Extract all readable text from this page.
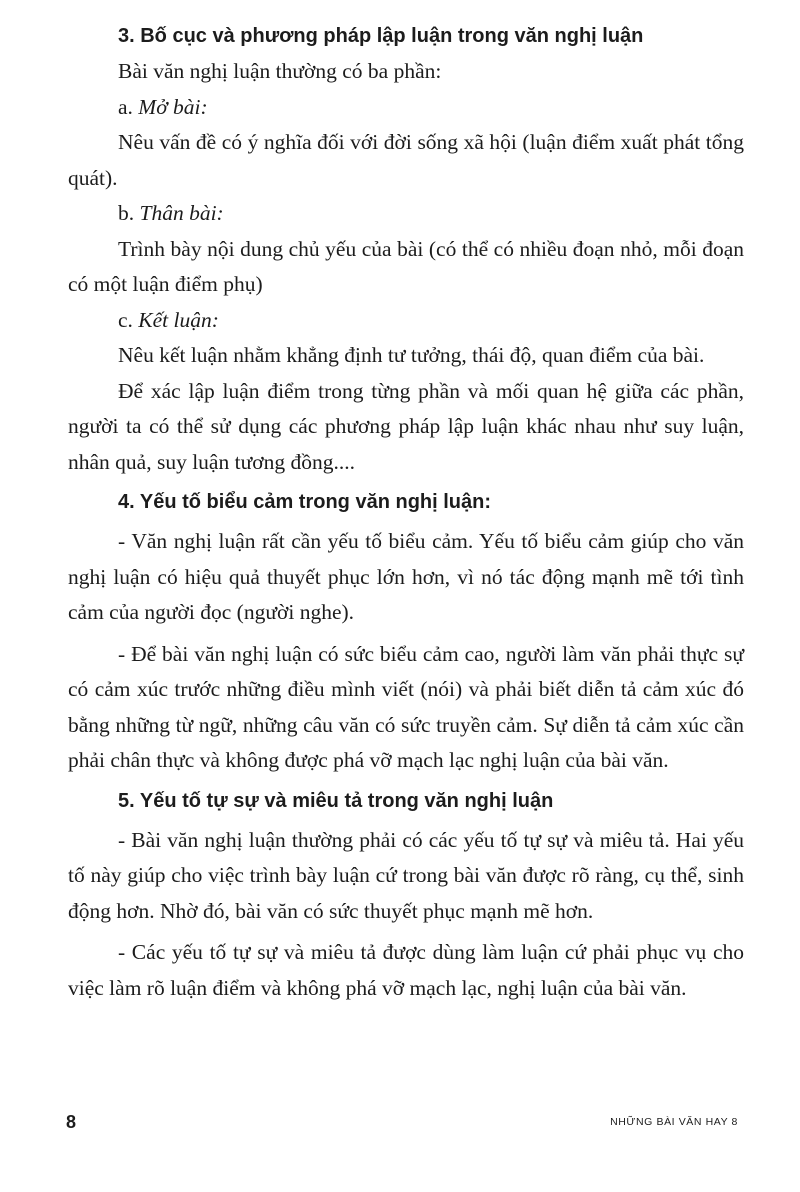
3. Bố cục và phương pháp lập luận trong văn nghị luận

Bài văn nghị luận thường có ba phần:

a. Mở bài:

Nêu vấn đề có ý nghĩa đối với đời sống xã hội (luận điểm xuất phát tổng quát).

b. Thân bài:

Trình bày nội dung chủ yếu của bài (có thể có nhiều đoạn nhỏ, mỗi đoạn có một luận điểm phụ)

c. Kết luận:

Nêu kết luận nhằm khẳng định tư tưởng, thái độ, quan điểm của bài.

Để xác lập luận điểm trong từng phần và mối quan hệ giữa các phần, người ta có thể sử dụng các phương pháp lập luận khác nhau như suy luận, nhân quả, suy luận tương đồng....

4. Yếu tố biểu cảm trong văn nghị luận:

- Văn nghị luận rất cần yếu tố biểu cảm. Yếu tố biểu cảm giúp cho văn nghị luận có hiệu quả thuyết phục lớn hơn, vì nó tác động mạnh mẽ tới tình cảm của người đọc (người nghe).

- Để bài văn nghị luận có sức biểu cảm cao, người làm văn phải thực sự có cảm xúc trước những điều mình viết (nói) và phải biết diễn tả cảm xúc đó bằng những từ ngữ, những câu văn có sức truyền cảm. Sự diễn tả cảm xúc cần phải chân thực và không được phá vỡ mạch lạc nghị luận của bài văn.

5. Yếu tố tự sự và miêu tả trong văn nghị luận

- Bài văn nghị luận thường phải có các yếu tố tự sự và miêu tả. Hai yếu tố này giúp cho việc trình bày luận cứ trong bài văn được rõ ràng, cụ thể, sinh động hơn. Nhờ đó, bài văn có sức thuyết phục mạnh mẽ hơn.

- Các yếu tố tự sự và miêu tả được dùng làm luận cứ phải phục vụ cho việc làm rõ luận điểm và không phá vỡ mạch lạc, nghị luận của bài văn.

8	NHỮNG BÀI VĂN HAY 8
